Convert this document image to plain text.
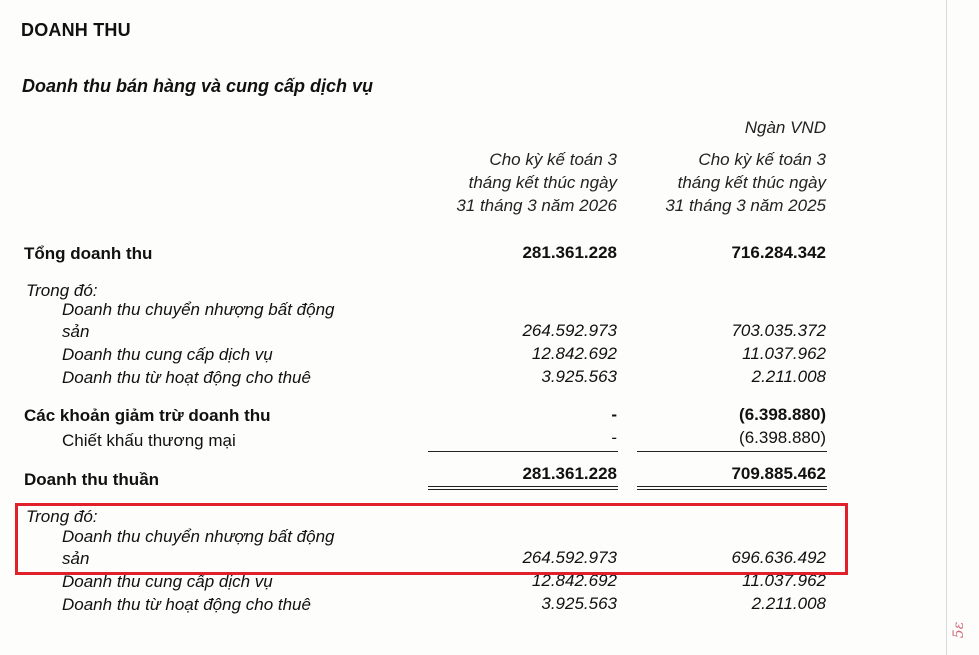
DOANH THU
Doanh thu bán hàng và cung cấp dịch vụ
Ngàn VND
Cho kỳ kế toán 3
tháng kết thúc ngày
31 tháng 3 năm 2026
Cho kỳ kế toán 3
tháng kết thúc ngày
31 tháng 3 năm 2025
Tổng doanh thu	281.361.228	716.284.342
Trong đó:
Doanh thu chuyển nhượng bất động
sản	264.592.973	703.035.372
Doanh thu cung cấp dịch vụ	12.842.692	11.037.962
Doanh thu từ hoạt động cho thuê	3.925.563	2.211.008
Các khoản giảm trừ doanh thu	-	(6.398.880)
Chiết khấu thương mại	-	(6.398.880)
Doanh thu thuần	281.361.228	709.885.462
Trong đó:
Doanh thu chuyển nhượng bất động
sản	264.592.973	696.636.492
Doanh thu cung cấp dịch vụ	12.842.692	11.037.962
Doanh thu từ hoạt động cho thuê	3.925.563	2.211.008
5ε
